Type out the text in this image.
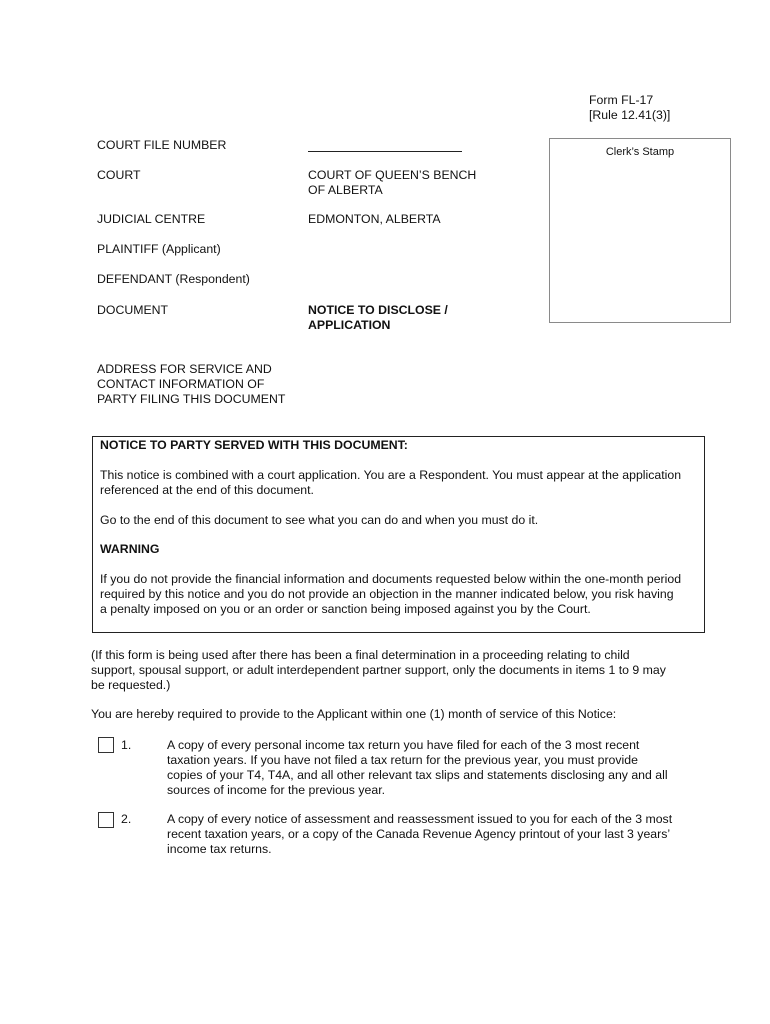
Form FL-17
[Rule 12.41(3)]
Clerk’s Stamp
COURT FILE NUMBER
COURT	COURT OF QUEEN’S BENCH
OF ALBERTA
JUDICIAL CENTRE	EDMONTON, ALBERTA
PLAINTIFF (Applicant)
DEFENDANT (Respondent)
DOCUMENT	NOTICE TO DISCLOSE /
APPLICATION
ADDRESS FOR SERVICE AND
CONTACT INFORMATION OF
PARTY FILING THIS DOCUMENT
NOTICE TO PARTY SERVED WITH THIS DOCUMENT:
This notice is combined with a court application. You are a Respondent. You must appear at the application
referenced at the end of this document.
Go to the end of this document to see what you can do and when you must do it.
WARNING
If you do not provide the financial information and documents requested below within the one-month period
required by this notice and you do not provide an objection in the manner indicated below, you risk having
a penalty imposed on you or an order or sanction being imposed against you by the Court.
(If this form is being used after there has been a final determination in a proceeding relating to child
support, spousal support, or adult interdependent partner support, only the documents in items 1 to 9 may
be requested.)
You are hereby required to provide to the Applicant within one (1) month of service of this Notice:
1.	A copy of every personal income tax return you have filed for each of the 3 most recent
taxation years. If you have not filed a tax return for the previous year, you must provide
copies of your T4, T4A, and all other relevant tax slips and statements disclosing any and all
sources of income for the previous year.
2.	A copy of every notice of assessment and reassessment issued to you for each of the 3 most
recent taxation years, or a copy of the Canada Revenue Agency printout of your last 3 years’
income tax returns.
